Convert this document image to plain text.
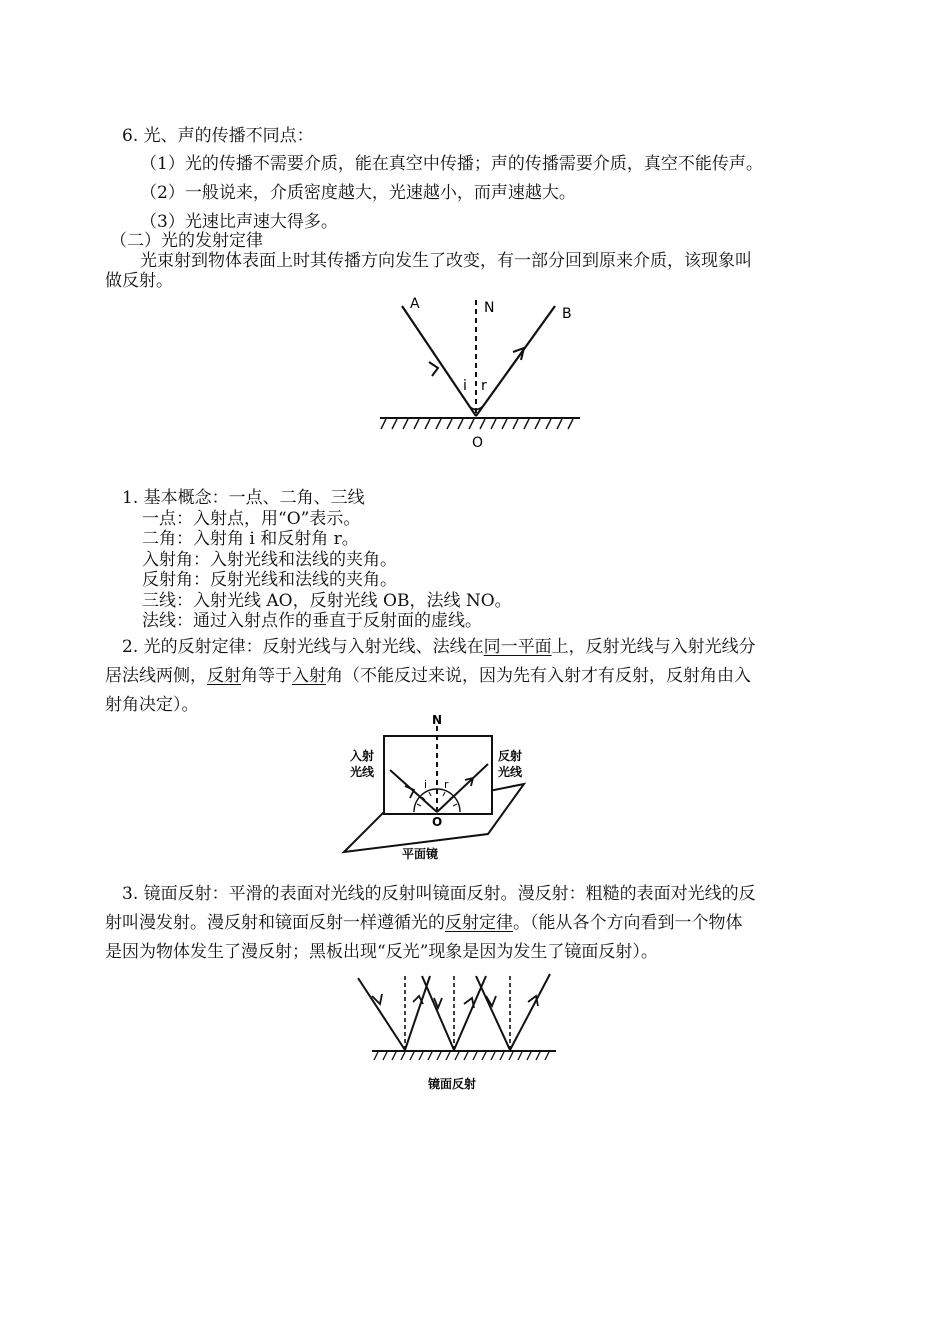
6. 光、声的传播不同点：
（1）光的传播不需要介质，能在真空中传播；声的传播需要介质，真空不能传声。
（2）一般说来，介质密度越大，光速越小，而声速越大。
（3）光速比声速大得多。
（二）光的发射定律
光束射到物体表面上时其传播方向发生了改变，有一部分回到原来介质，该现象叫
做反射。
A	N	B
i r
O
1. 基本概念：一点、二角、三线
一点：入射点，用“O”表示。
二角：入射角 i 和反射角 r。
入射角：入射光线和法线的夹角。
反射角：反射光线和法线的夹角。
三线：入射光线 AO，反射光线 OB，法线 NO。
法线：通过入射点作的垂直于反射面的虚线。
2. 光的反射定律：反射光线与入射光线、法线在同一平面上，反射光线与入射光线分
居法线两侧，反射角等于入射角（不能反过来说，因为先有入射才有反射，反射角由入
射角决定）。
N
入射
光线
反射
光线
i r
O
平面镜
3. 镜面反射：平滑的表面对光线的反射叫镜面反射。漫反射：粗糙的表面对光线的反
射叫漫发射。漫反射和镜面反射一样遵循光的反射定律。（能从各个方向看到一个物体
是因为物体发生了漫反射；黑板出现“反光”现象是因为发生了镜面反射）。
镜面反射
